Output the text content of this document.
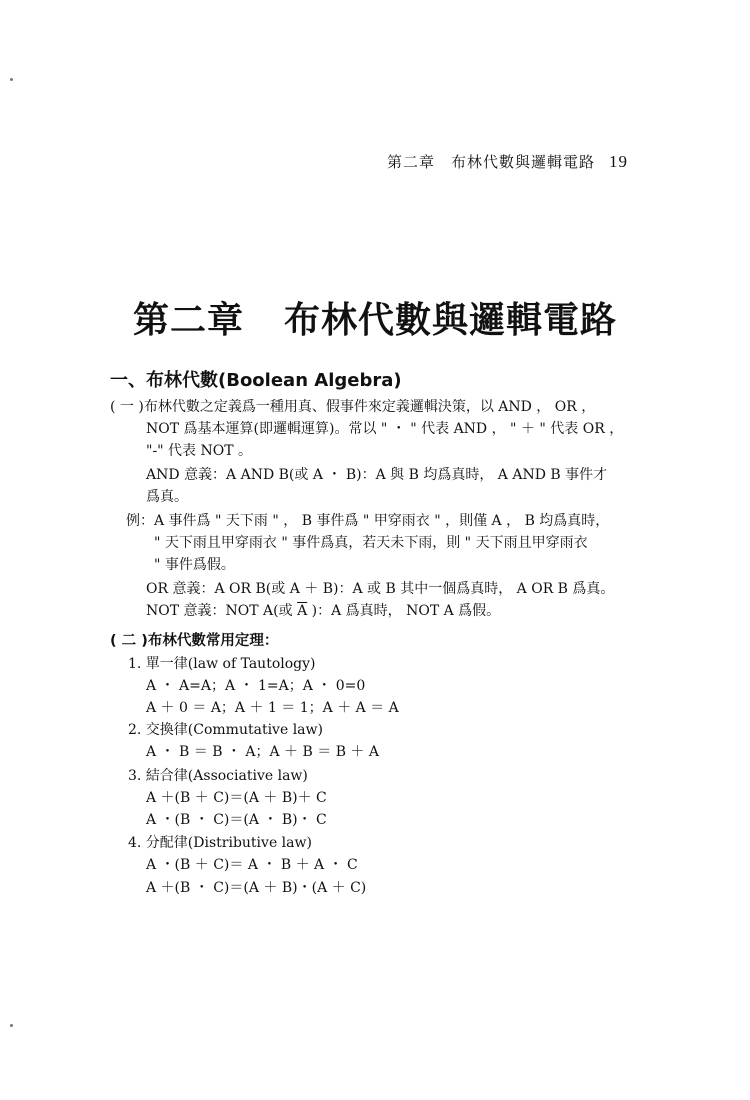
第二章　布林代數與邏輯電路 19
第二章 布林代數與邏輯電路
一、布林代數(Boolean Algebra)
( 一 )布林代數之定義爲一種用真、假事件來定義邏輯決策，以 AND ， OR ，
NOT 爲基本運算(即邏輯運算)。常以 " ・ " 代表 AND ， " ＋ " 代表 OR ，
"-" 代表 NOT 。
AND 意義：A AND B(或 A ・ B)：A 與 B 均爲真時， A AND B 事件才
爲真。
例：A 事件爲 " 天下雨 " ， B 事件爲 " 甲穿雨衣 " ，則僅 A ， B 均爲真時，
" 天下雨且甲穿雨衣 " 事件爲真，若天未下雨，則 " 天下雨且甲穿雨衣
" 事件爲假。
OR 意義：A OR B(或 A ＋ B)：A 或 B 其中一個爲真時， A OR B 爲真。
NOT 意義：NOT A(或 $\overline{A}$ )：A 爲真時， NOT A 爲假。
( 二 )布林代數常用定理：
1. 單一律(law of Tautology)
A ・ A=A；A ・ 1=A；A ・ 0=0
A ＋ 0 ＝ A；A ＋ 1 ＝ 1；A ＋ A ＝ A
2. 交換律(Commutative law)
A ・ B ＝ B ・ A；A ＋ B ＝ B ＋ A
3. 結合律(Associative law)
A ＋(B ＋ C)＝(A ＋ B)＋ C
A ・(B ・ C)＝(A ・ B)・ C
4. 分配律(Distributive law)
A ・(B ＋ C)＝ A ・ B ＋ A ・ C
A ＋(B ・ C)＝(A ＋ B)・(A ＋ C)
